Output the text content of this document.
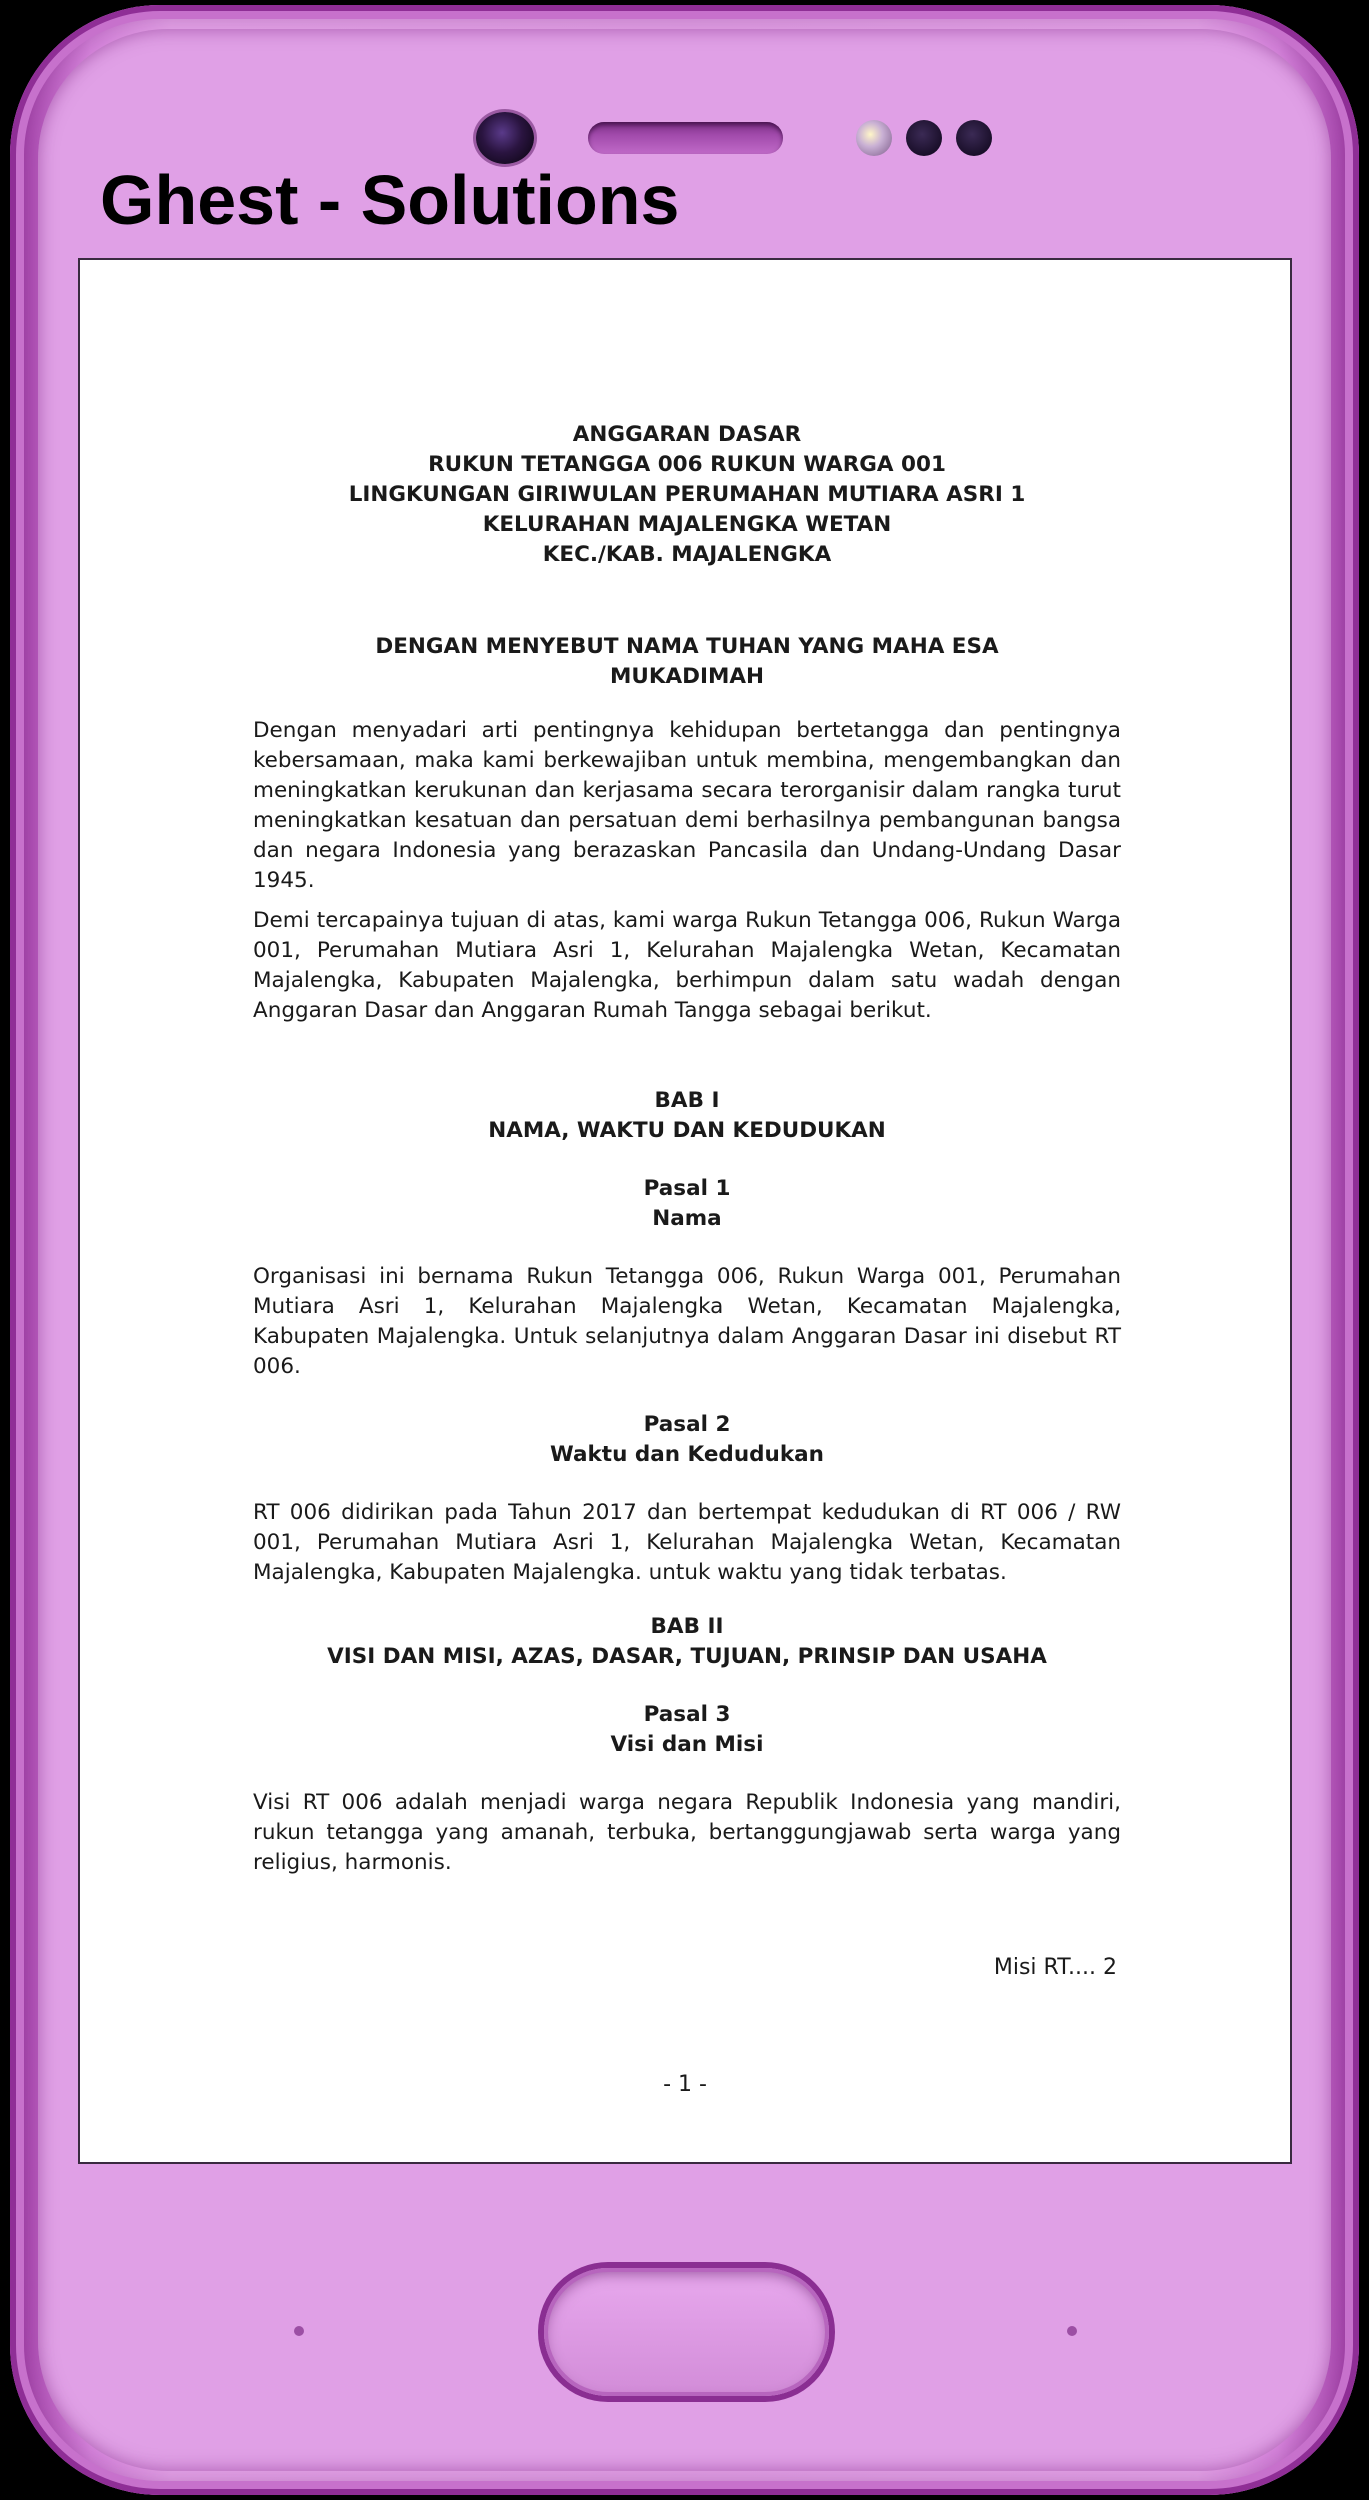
Ghest - Solutions
ANGGARAN DASAR
RUKUN TETANGGA 006 RUKUN WARGA 001
LINGKUNGAN GIRIWULAN PERUMAHAN MUTIARA ASRI 1
KELURAHAN MAJALENGKA WETAN
KEC./KAB. MAJALENGKA
DENGAN MENYEBUT NAMA TUHAN YANG MAHA ESA
MUKADIMAH

Dengan menyadari arti pentingnya kehidupan bertetangga dan pentingnya kebersamaan, maka kami berkewajiban untuk membina, mengembangkan dan meningkatkan kerukunan dan kerjasama secara terorganisir dalam rangka turut meningkatkan kesatuan dan persatuan demi berhasilnya pembangunan bangsa dan negara Indonesia yang berazaskan Pancasila dan Undang-Undang Dasar 1945.

Demi tercapainya tujuan di atas, kami warga Rukun Tetangga 006, Rukun Warga 001, Perumahan Mutiara Asri 1, Kelurahan Majalengka Wetan, Kecamatan Majalengka, Kabupaten Majalengka, berhimpun dalam satu wadah dengan Anggaran Dasar dan Anggaran Rumah Tangga sebagai berikut.

BAB I
NAMA, WAKTU DAN KEDUDUKAN
Pasal 1
Nama

Organisasi ini bernama Rukun Tetangga 006, Rukun Warga 001, Perumahan Mutiara Asri 1, Kelurahan Majalengka Wetan, Kecamatan Majalengka, Kabupaten Majalengka. Untuk selanjutnya dalam Anggaran Dasar ini disebut RT 006.

Pasal 2
Waktu dan Kedudukan

RT 006 didirikan pada Tahun 2017 dan bertempat kedudukan di RT 006 / RW 001, Perumahan Mutiara Asri 1, Kelurahan Majalengka Wetan, Kecamatan Majalengka, Kabupaten Majalengka. untuk waktu yang tidak terbatas.

BAB II
VISI DAN MISI, AZAS, DASAR, TUJUAN, PRINSIP DAN USAHA
Pasal 3
Visi dan Misi

Visi RT 006 adalah menjadi warga negara Republik Indonesia yang mandiri, rukun tetangga yang amanah, terbuka, bertanggungjawab serta warga yang religius, harmonis.

Misi RT.... 2
- 1 -
